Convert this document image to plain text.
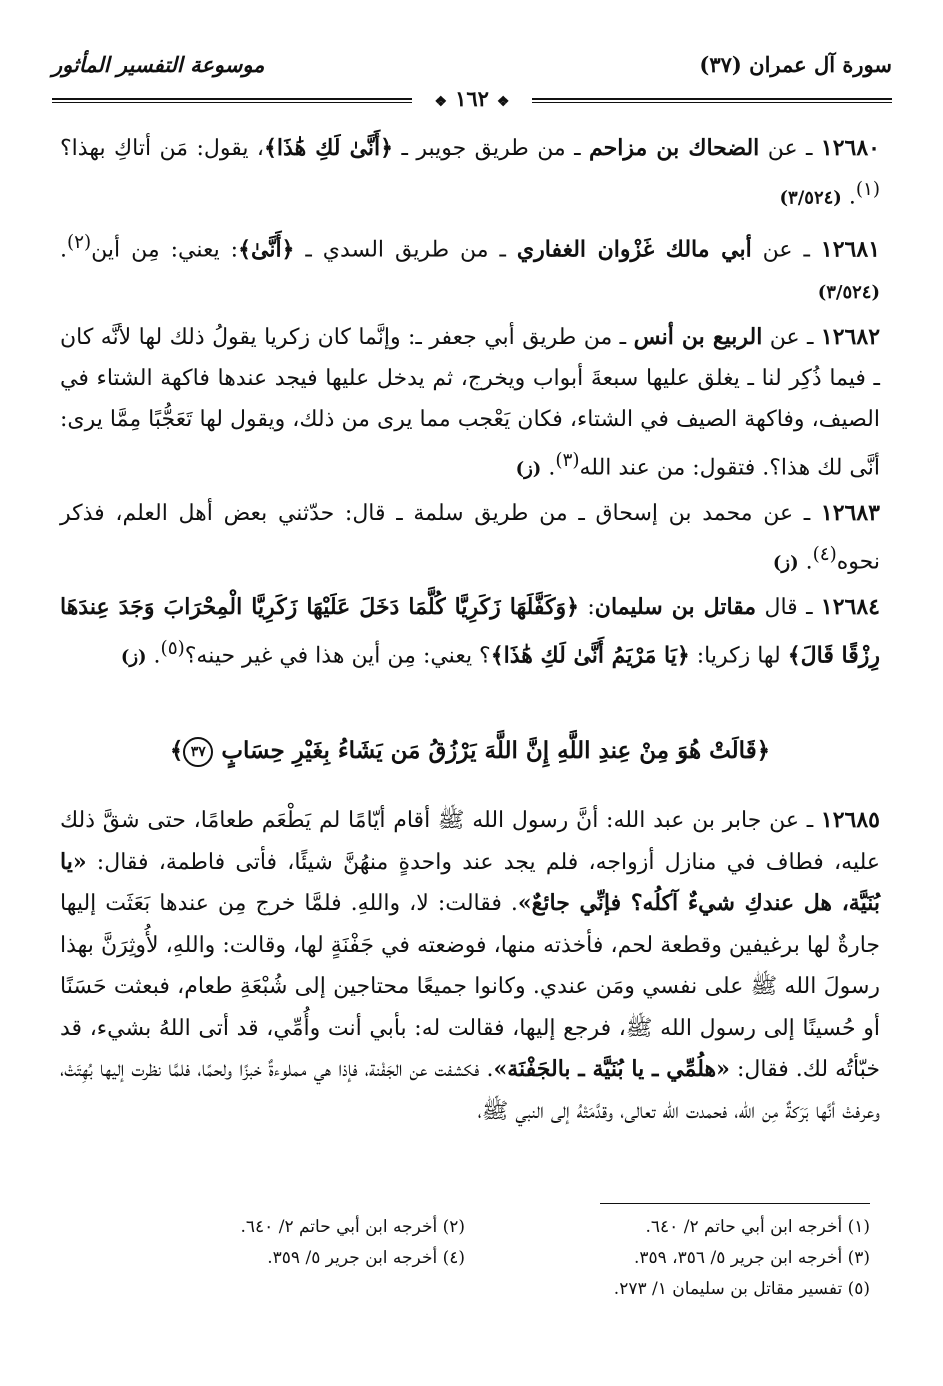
سورة آل عمران (٣٧)
موسوعة التفسير المأثور
❖ ١٦٢ ❖

١٢٦٨٠ ـ عن الضحاك بن مزاحم ـ من طريق جويبر ـ ﴿أَنَّىٰ لَكِ هَٰذَا﴾، يقول: مَن أتاكِ بهذا؟$^{(١)}$. (٣/٥٢٤)

١٢٦٨١ ـ عن أبي مالك غَزْوان الغفاري ـ من طريق السدي ـ ﴿أَنَّىٰ﴾: يعني: مِن أين$^{(٢)}$. (٣/٥٢٤)

١٢٦٨٢ ـ عن الربيع بن أنس ـ من طريق أبي جعفر ـ: وإنَّما كان زكريا يقولُ ذلك لها لأنَّه كان ـ فيما ذُكِر لنا ـ يغلق عليها سبعةَ أبواب ويخرج، ثم يدخل عليها فيجد عندها فاكهة الشتاء في الصيف، وفاكهة الصيف في الشتاء، فكان يَعْجب مما يرى من ذلك، ويقول لها تَعَجُّبًا مِمَّا يرى: أنَّى لك هذا؟. فتقول: من عند الله$^{(٣)}$. (ز)

١٢٦٨٣ ـ عن محمد بن إسحاق ـ من طريق سلمة ـ قال: حدّثني بعض أهل العلم، فذكر نحوه$^{(٤)}$. (ز)

١٢٦٨٤ ـ قال مقاتل بن سليمان: ﴿وَكَفَّلَهَا زَكَرِيَّا كُلَّمَا دَخَلَ عَلَيْهَا زَكَرِيَّا الْمِحْرَابَ وَجَدَ عِندَهَا رِزْقًا قَالَ﴾ لها زكريا: ﴿يَا مَرْيَمُ أَنَّىٰ لَكِ هَٰذَا﴾؟ يعني: مِن أين هذا في غير حينه؟$^{(٥)}$. (ز)

﴿قَالَتْ هُوَ مِنْ عِندِ اللَّهِ إِنَّ اللَّهَ يَرْزُقُ مَن يَشَاءُ بِغَيْرِ حِسَابٍ ٣٧﴾
١٢٦٨٥ ـ عن جابر بن عبد الله: أنَّ رسول الله ﷺ أقام أيّامًا لم يَطْعَم طعامًا، حتى شقَّ ذلك عليه، فطاف في منازل أزواجه، فلم يجد عند واحدةٍ منهُنَّ شيئًا، فأتى فاطمة، فقال: «يا بُنَيَّة، هل عندكِ شيءٌ آكلُه؟ فإنِّي جائعٌ». فقالت: لا، واللهِ. فلمَّا خرج مِن عندها بَعَثَت إليها جارةٌ لها برغيفين وقطعة لحم، فأخذته منها، فوضعته في جَفْنَةٍ لها، وقالت: واللهِ، لأُوثِرَنَّ بهذا رسولَ الله ﷺ على نفسي ومَن عندي. وكانوا جميعًا محتاجين إلى شُبْعَةِ طعام، فبعثت حَسَنًا أو حُسينًا إلى رسول الله ﷺ، فرجع إليها، فقالت له: بأبي أنت وأُمِّي، قد أتى اللهُ بشيء، قد خبّأتُه لك. فقال: «هلُمِّي ـ يا بُنَيَّة ـ بالجَفْنَة». فكشفت عن الجَفْنة، فإذا هي مملوءةٌ خبزًا ولحمًا، فلمَّا نظرت إليها بُهِتَتْ، وعرفتْ أنَّها بَرَكةٌ مِن الله، فحمدت الله تعالى، وقدَّمَتْهُ إلى النبي ﷺ،
(١) أخرجه ابن أبي حاتم ٢/ ٦٤٠.
(٢) أخرجه ابن أبي حاتم ٢/ ٦٤٠.
(٣) أخرجه ابن جرير ٥/ ٣٥٦، ٣٥٩.
(٤) أخرجه ابن جرير ٥/ ٣٥٩.
(٥) تفسير مقاتل بن سليمان ١/ ٢٧٣.
